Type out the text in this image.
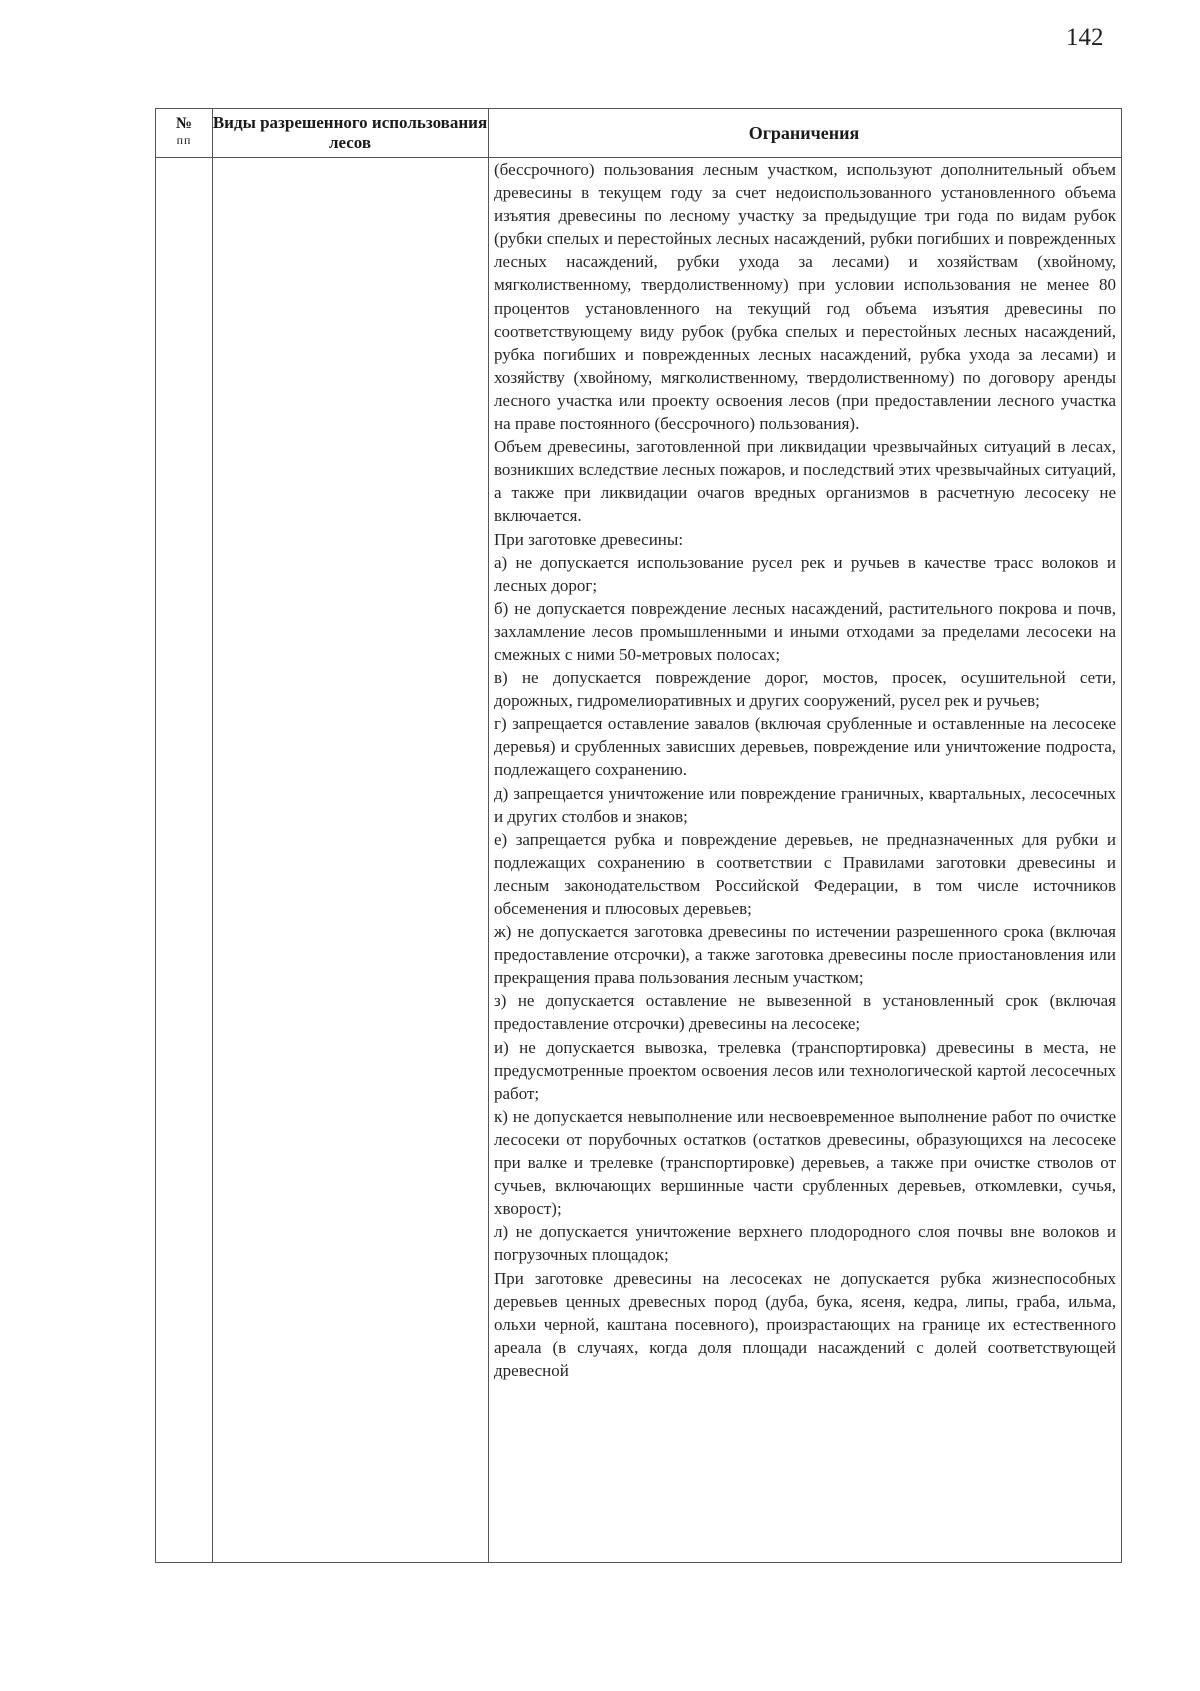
142
№
пп
Виды разрешенного использования лесов	Ограничения

(бессрочного) пользования лесным участком, используют дополнительный объем древесины в текущем году за счет недоиспользованного установленного объема изъятия древесины по лесному участку за предыдущие три года по видам рубок (рубки спелых и перестойных лесных насаждений, рубки погибших и поврежденных лесных насаждений, рубки ухода за лесами) и хозяйствам (хвойному, мягколиственному, твердолиственному) при условии использования не менее 80 процентов установленного на текущий год объема изъятия древесины по соответствующему виду рубок (рубка спелых и перестойных лесных насаждений, рубка погибших и поврежденных лесных насаждений, рубка ухода за лесами) и хозяйству (хвойному, мягколиственному, твердолиственному) по договору аренды лесного участка или проекту освоения лесов (при предоставлении лесного участка на праве постоянного (бессрочного) пользования).

Объем древесины, заготовленной при ликвидации чрезвычайных ситуаций в лесах, возникших вследствие лесных пожаров, и последствий этих чрезвычайных ситуаций, а также при ликвидации очагов вредных организмов в расчетную лесосеку не включается.

При заготовке древесины:

а) не допускается использование русел рек и ручьев в качестве трасс волоков и лесных дорог;

б) не допускается повреждение лесных насаждений, растительного покрова и почв, захламление лесов промышленными и иными отходами за пределами лесосеки на смежных с ними 50-метровых полосах;

в) не допускается повреждение дорог, мостов, просек, осушительной сети, дорожных, гидромелиоративных и других сооружений, русел рек и ручьев;

г) запрещается оставление завалов (включая срубленные и оставленные на лесосеке деревья) и срубленных зависших деревьев, повреждение или уничтожение подроста, подлежащего сохранению.

д) запрещается уничтожение или повреждение граничных, квартальных, лесосечных и других столбов и знаков;

е) запрещается рубка и повреждение деревьев, не предназначенных для рубки и подлежащих сохранению в соответствии с Правилами заготовки древесины и лесным законодательством Российской Федерации, в том числе источников обсеменения и плюсовых деревьев;

ж) не допускается заготовка древесины по истечении разрешенного срока (включая предоставление отсрочки), а также заготовка древесины после приостановления или прекращения права пользования лесным участком;

з) не допускается оставление не вывезенной в установленный срок (включая предоставление отсрочки) древесины на лесосеке;

и) не допускается вывозка, трелевка (транспортировка) древесины в места, не предусмотренные проектом освоения лесов или технологической картой лесосечных работ;

к) не допускается невыполнение или несвоевременное выполнение работ по очистке лесосеки от порубочных остатков (остатков древесины, образующихся на лесосеке при валке и трелевке (транспортировке) деревьев, а также при очистке стволов от сучьев, включающих вершинные части срубленных деревьев, откомлевки, сучья, хворост);

л) не допускается уничтожение верхнего плодородного слоя почвы вне волоков и погрузочных площадок;

При заготовке древесины на лесосеках не допускается рубка жизнеспособных деревьев ценных древесных пород (дуба, бука, ясеня, кедра, липы, граба, ильма, ольхи черной, каштана посевного), произрастающих на границе их естественного ареала (в случаях, когда доля площади насаждений с долей соответствующей древесной
